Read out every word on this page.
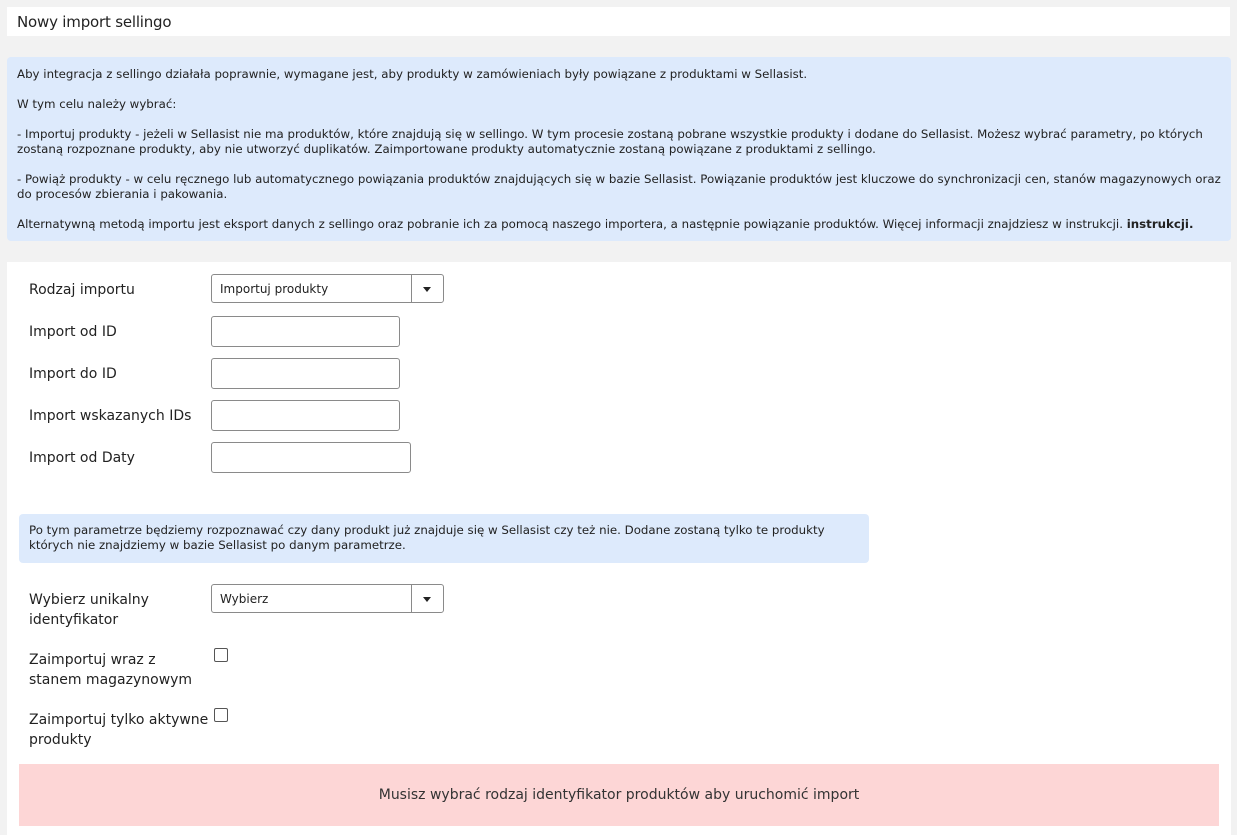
Nowy import sellingo

Aby integracja z sellingo działała poprawnie, wymagane jest, aby produkty w zamówieniach były powiązane z produktami w Sellasist.

W tym celu należy wybrać:

- Importuj produkty - jeżeli w Sellasist nie ma produktów, które znajdują się w sellingo. W tym procesie zostaną pobrane wszystkie produkty i dodane do Sellasist. Możesz wybrać parametry, po których zostaną rozpoznane produkty, aby nie utworzyć duplikatów. Zaimportowane produkty automatycznie zostaną powiązane z produktami z sellingo.

- Powiąż produkty - w celu ręcznego lub automatycznego powiązania produktów znajdujących się w bazie Sellasist. Powiązanie produktów jest kluczowe do synchronizacji cen, stanów magazynowych oraz do procesów zbierania i pakowania.

Alternatywną metodą importu jest eksport danych z sellingo oraz pobranie ich za pomocą naszego importera, a następnie powiązanie produktów. Więcej informacji znajdziesz w instrukcji. instrukcji.

Rodzaj importu	Importuj produkty
Import od ID
Import do ID
Import wskazanych IDs
Import od Daty
Po tym parametrze będziemy rozpoznawać czy dany produkt już znajduje się w Sellasist czy też nie. Dodane zostaną tylko te produkty których nie znajdziemy w bazie Sellasist po danym parametrze.
Wybierz unikalny
identyfikator
Wybierz
Zaimportuj wraz z
stanem magazynowym
Zaimportuj tylko aktywne
produkty
Musisz wybrać rodzaj identyfikator produktów aby uruchomić import
